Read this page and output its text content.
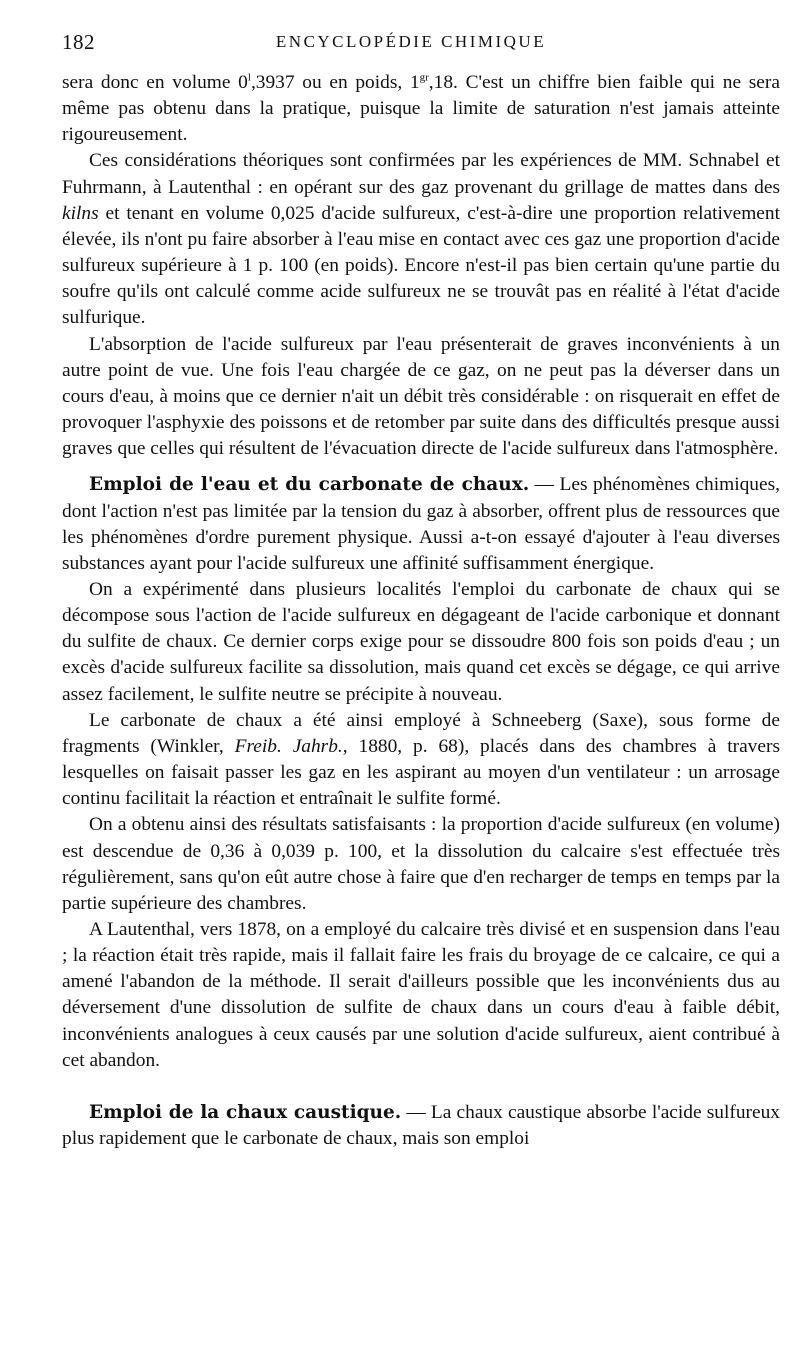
182	ENCYCLOPÉDIE CHIMIQUE

sera donc en volume 0$^l$,3937 ou en poids, $1^{gr},18$. C'est un chiffre bien faible qui ne sera même pas obtenu dans la pratique, puisque la limite de saturation n'est jamais atteinte rigoureusement.

Ces considérations théoriques sont confirmées par les expériences de MM. Schnabel et Fuhrmann, à Lautenthal : en opérant sur des gaz provenant du grillage de mattes dans des kilns et tenant en volume 0,025 d'acide sulfureux, c'est-à-dire une proportion relativement élevée, ils n'ont pu faire absorber à l'eau mise en contact avec ces gaz une proportion d'acide sulfureux supérieure à 1 p. 100 (en poids). Encore n'est-il pas bien certain qu'une partie du soufre qu'ils ont calculé comme acide sulfureux ne se trouvât pas en réalité à l'état d'acide sulfurique.

L'absorption de l'acide sulfureux par l'eau présenterait de graves inconvénients à un autre point de vue. Une fois l'eau chargée de ce gaz, on ne peut pas la déverser dans un cours d'eau, à moins que ce dernier n'ait un débit très considérable : on risquerait en effet de provoquer l'asphyxie des poissons et de retomber par suite dans des difficultés presque aussi graves que celles qui résultent de l'évacuation directe de l'acide sulfureux dans l'atmosphère.

Emploi de l'eau et du carbonate de chaux. — Les phénomènes chimiques, dont l'action n'est pas limitée par la tension du gaz à absorber, offrent plus de ressources que les phénomènes d'ordre purement physique. Aussi a-t-on essayé d'ajouter à l'eau diverses substances ayant pour l'acide sulfureux une affinité suffisamment énergique.

On a expérimenté dans plusieurs localités l'emploi du carbonate de chaux qui se décompose sous l'action de l'acide sulfureux en dégageant de l'acide carbonique et donnant du sulfite de chaux. Ce dernier corps exige pour se dissoudre 800 fois son poids d'eau ; un excès d'acide sulfureux facilite sa dissolution, mais quand cet excès se dégage, ce qui arrive assez facilement, le sulfite neutre se précipite à nouveau.

Le carbonate de chaux a été ainsi employé à Schneeberg (Saxe), sous forme de fragments (Winkler, Freib. Jahrb., 1880, p. 68), placés dans des chambres à travers lesquelles on faisait passer les gaz en les aspirant au moyen d'un ventilateur : un arrosage continu facilitait la réaction et entraînait le sulfite formé.

On a obtenu ainsi des résultats satisfaisants : la proportion d'acide sulfureux (en volume) est descendue de 0,36 à 0,039 p. 100, et la dissolution du calcaire s'est effectuée très régulièrement, sans qu'on eût autre chose à faire que d'en recharger de temps en temps par la partie supérieure des chambres.

A Lautenthal, vers 1878, on a employé du calcaire très divisé et en suspension dans l'eau ; la réaction était très rapide, mais il fallait faire les frais du broyage de ce calcaire, ce qui a amené l'abandon de la méthode. Il serait d'ailleurs possible que les inconvénients dus au déversement d'une dissolution de sulfite de chaux dans un cours d'eau à faible débit, inconvénients analogues à ceux causés par une solution d'acide sulfureux, aient contribué à cet abandon.

Emploi de la chaux caustique. — La chaux caustique absorbe l'acide sulfureux plus rapidement que le carbonate de chaux, mais son emploi
